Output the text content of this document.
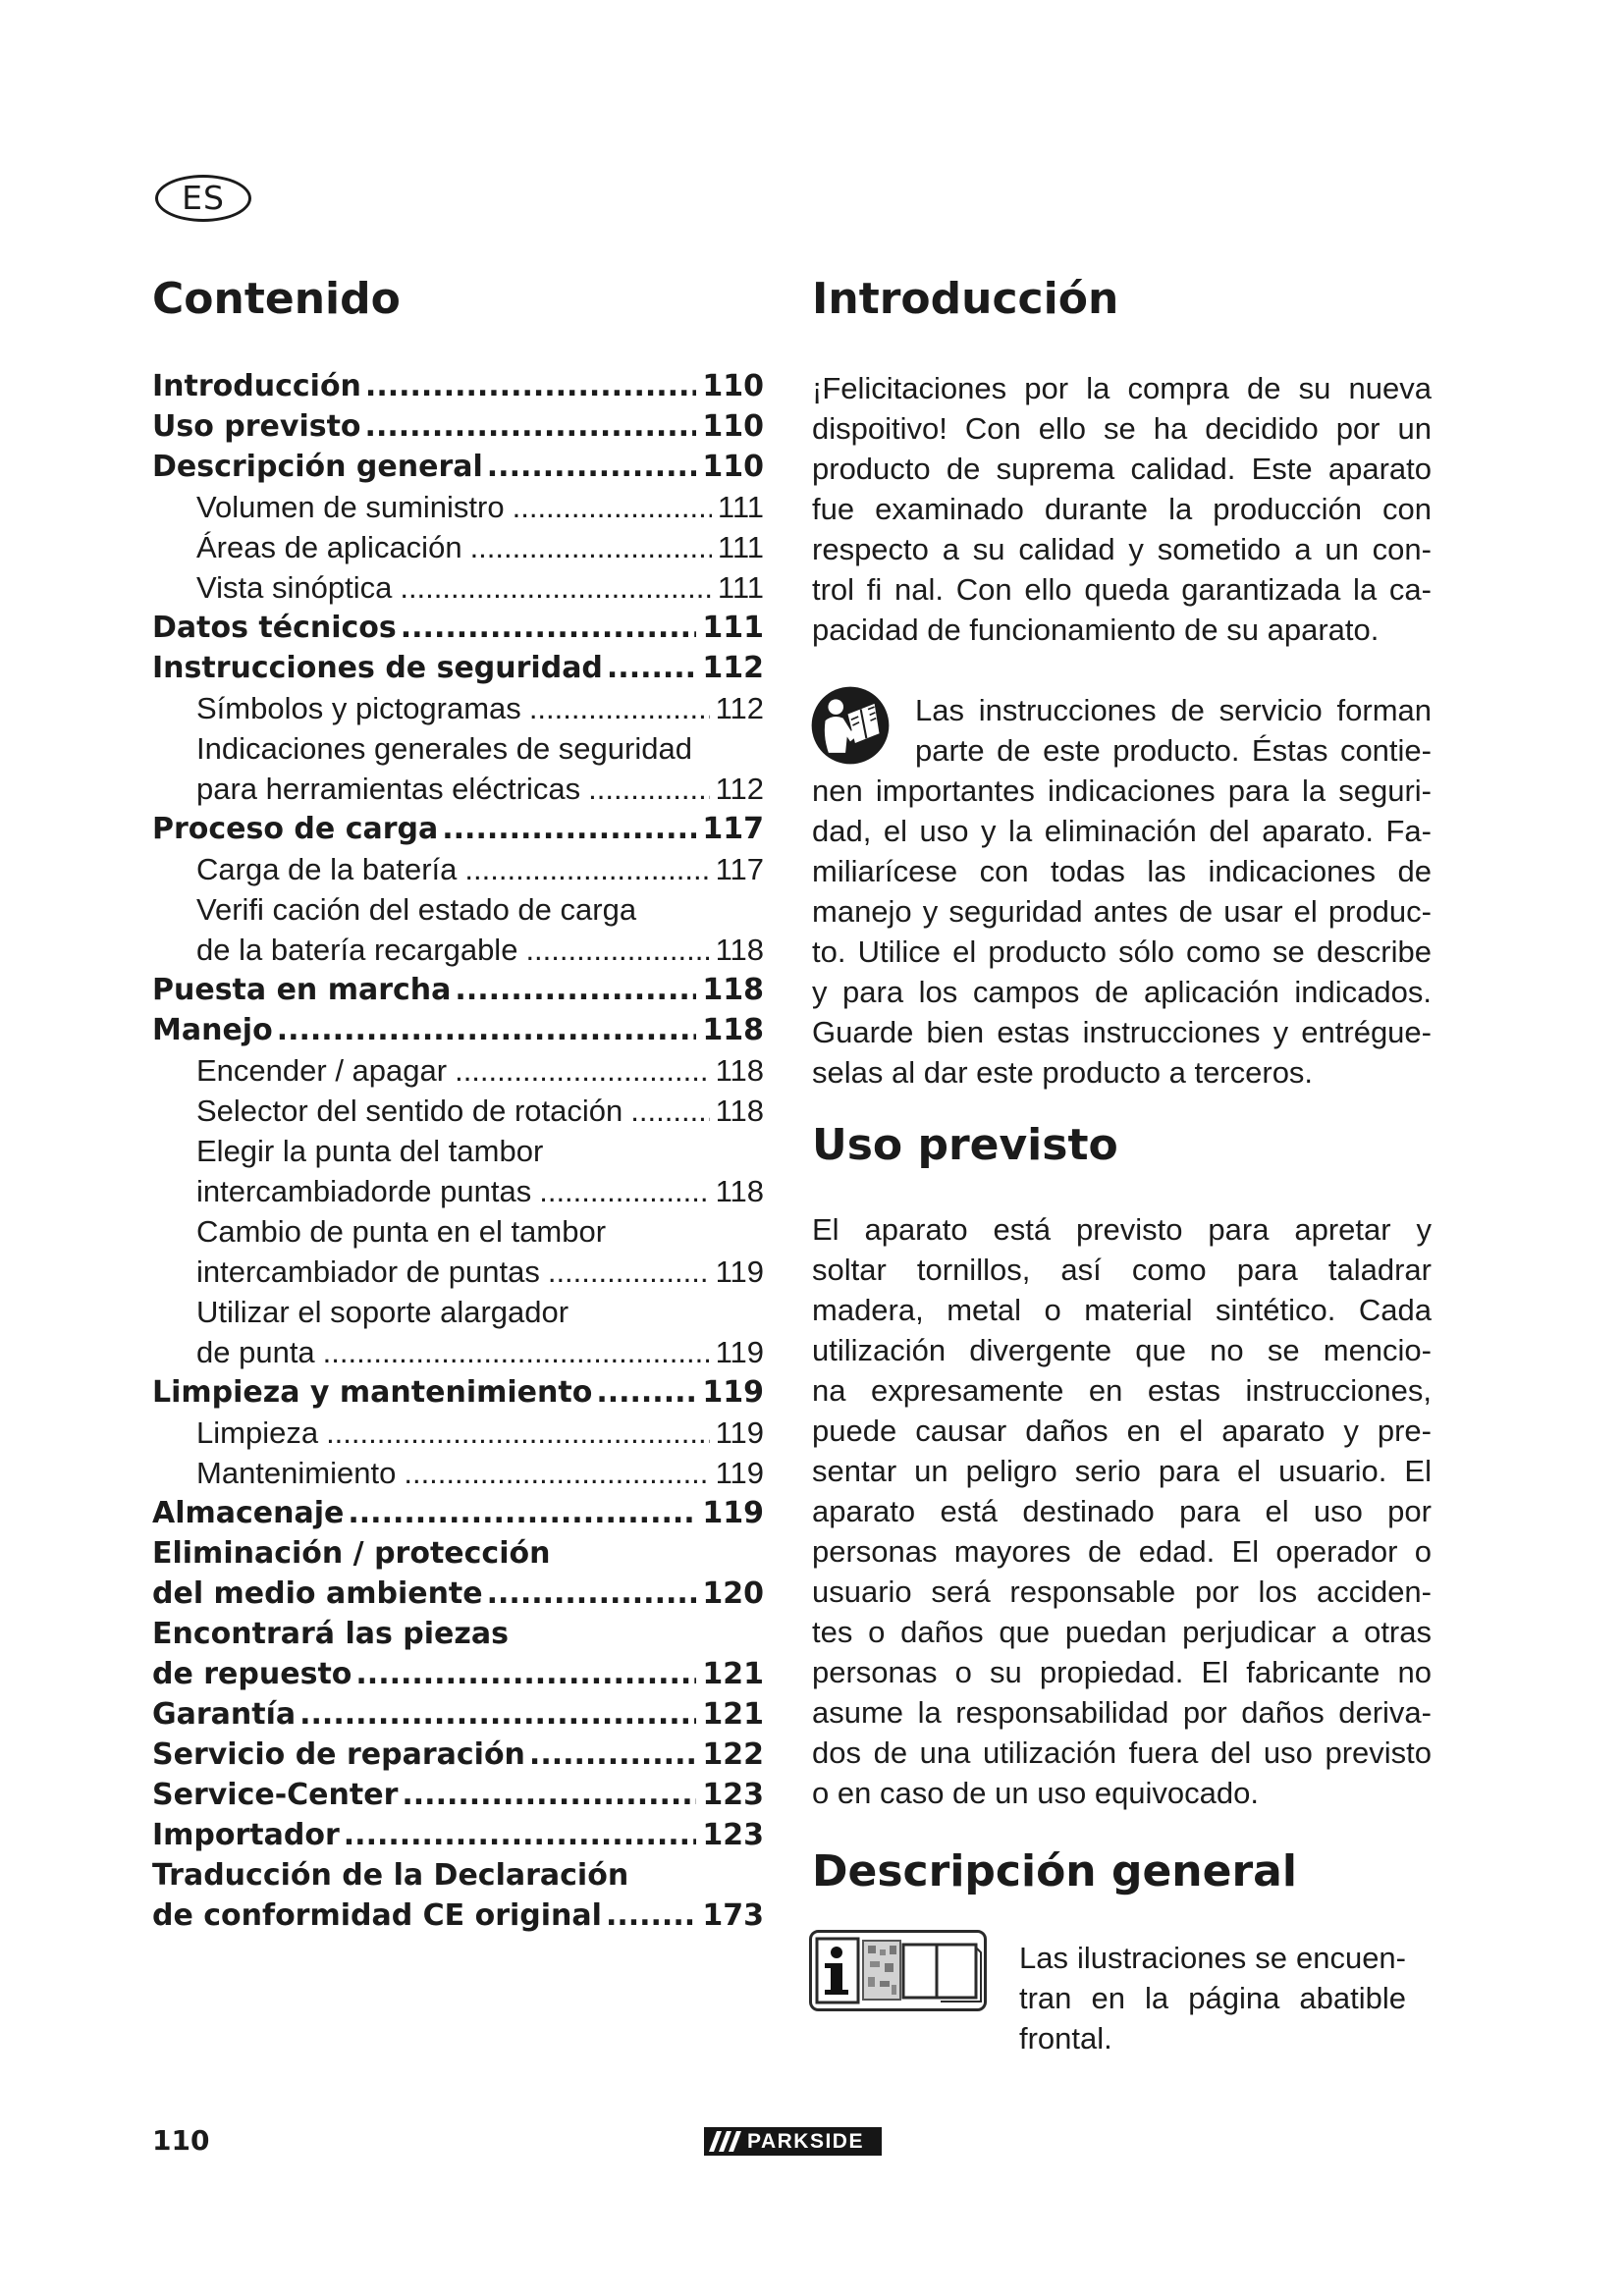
ES
Contenido
Introducción .....	110
Uso previsto .....	110
Descripción general .....	110
Volumen de suministro .....	111
Áreas de aplicación .....	111
Vista sinóptica .....	111
Datos técnicos .....	111
Instrucciones de seguridad .....	112
Símbolos y pictogramas .....	112
Indicaciones generales de seguridad
para herramientas eléctricas .....	112
Proceso de carga .....	117
Carga de la batería .....	117
Verifi cación del estado de carga
de la batería recargable .....	118
Puesta en marcha .....	118
Manejo .....	118
Encender / apagar .....	118
Selector del sentido de rotación .....	118
Elegir la punta del tambor
intercambiadorde puntas .....	118
Cambio de punta en el tambor
intercambiador de puntas .....	119
Utilizar el soporte alargador
de punta .....	119
Limpieza y mantenimiento .....	119
Limpieza .....	119
Mantenimiento .....	119
Almacenaje .....	119
Eliminación / protección
del medio ambiente .....	120
Encontrará las piezas
de repuesto .....	121
Garantía .....	121
Servicio de reparación .....	122
Service-Center .....	123
Importador .....	123
Traducción de la Declaración
de conformidad CE original .....	173
Introducción
¡Felicitaciones por la compra de su nueva
dispoitivo! Con ello se ha decidido por un
producto de suprema calidad. Este aparato
fue examinado durante la producción con
respecto a su calidad y sometido a un con-
trol fi nal. Con ello queda garantizada la ca-
pacidad de funcionamiento de su aparato.
Las instrucciones de servicio forman
parte de este producto. Éstas contie-
nen importantes indicaciones para la seguri-
dad, el uso y la eliminación del aparato. Fa-
miliarícese con todas las indicaciones de
manejo y seguridad antes de usar el produc-
to. Utilice el producto sólo como se describe
y para los campos de aplicación indicados.
Guarde bien estas instrucciones y entrégue-
selas al dar este producto a terceros.
Uso previsto
El aparato está previsto para apretar y
soltar tornillos, así como para taladrar
madera, metal o material sintético. Cada
utilización divergente que no se mencio-
na expresamente en estas instrucciones,
puede causar daños en el aparato y pre-
sentar un peligro serio para el usuario. El
aparato está destinado para el uso por
personas mayores de edad. El operador o
usuario será responsable por los acciden-
tes o daños que puedan perjudicar a otras
personas o su propiedad. El fabricante no
asume la responsabilidad por daños deriva-
dos de una utilización fuera del uso previsto
o en caso de un uso equivocado.
Descripción general
Las ilustraciones se encuen-
tran en la página abatible
frontal.
110	PARKSIDE
